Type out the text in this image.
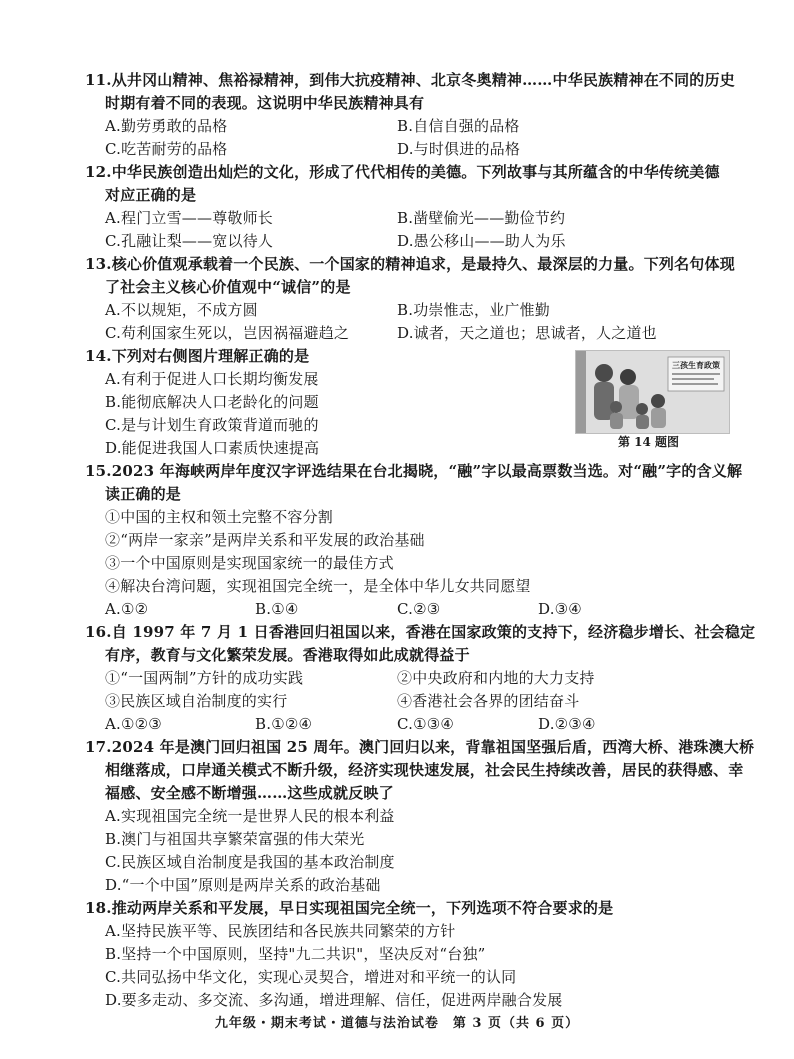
11.从井冈山精神、焦裕禄精神，到伟大抗疫精神、北京冬奥精神……中华民族精神在不同的历史
时期有着不同的表现。这说明中华民族精神具有
A.勤劳勇敢的品格	B.自信自强的品格
C.吃苦耐劳的品格	D.与时俱进的品格
12.中华民族创造出灿烂的文化，形成了代代相传的美德。下列故事与其所蕴含的中华传统美德
对应正确的是
A.程门立雪——尊敬师长	B.凿壁偷光——勤俭节约
C.孔融让梨——宽以待人	D.愚公移山——助人为乐
13.核心价值观承载着一个民族、一个国家的精神追求，是最持久、最深层的力量。下列名句体现
了社会主义核心价值观中“诚信”的是
A.不以规矩，不成方圆	B.功崇惟志，业广惟勤
C.苟利国家生死以，岂因祸福避趋之	D.诚者，天之道也；思诚者，人之道也
14.下列对右侧图片理解正确的是
A.有利于促进人口长期均衡发展
B.能彻底解决人口老龄化的问题
C.是与计划生育政策背道而驰的
D.能促进我国人口素质快速提高
三孩生育政策
第 14 题图
15.2023 年海峡两岸年度汉字评选结果在台北揭晓，“融”字以最高票数当选。对“融”字的含义解
读正确的是
①中国的主权和领土完整不容分割
②“两岸一家亲”是两岸关系和平发展的政治基础
③一个中国原则是实现国家统一的最佳方式
④解决台湾问题，实现祖国完全统一，是全体中华儿女共同愿望
A.①②	B.①④	C.②③	D.③④
16.自 1997 年 7 月 1 日香港回归祖国以来，香港在国家政策的支持下，经济稳步增长、社会稳定
有序，教育与文化繁荣发展。香港取得如此成就得益于
①“一国两制”方针的成功实践	②中央政府和内地的大力支持
③民族区域自治制度的实行	④香港社会各界的团结奋斗
A.①②③	B.①②④	C.①③④	D.②③④
17.2024 年是澳门回归祖国 25 周年。澳门回归以来，背靠祖国坚强后盾，西湾大桥、港珠澳大桥
相继落成，口岸通关模式不断升级，经济实现快速发展，社会民生持续改善，居民的获得感、幸
福感、安全感不断增强……这些成就反映了
A.实现祖国完全统一是世界人民的根本利益
B.澳门与祖国共享繁荣富强的伟大荣光
C.民族区域自治制度是我国的基本政治制度
D.“一个中国”原则是两岸关系的政治基础
18.推动两岸关系和平发展，早日实现祖国完全统一，下列选项不符合要求的是
A.坚持民族平等、民族团结和各民族共同繁荣的方针
B.坚持一个中国原则，坚持"九二共识"，坚决反对“台独”
C.共同弘扬中华文化，实现心灵契合，增进对和平统一的认同
D.要多走动、多交流、多沟通，增进理解、信任，促进两岸融合发展
九年级・期末考试・道德与法治试卷　第 3 页（共 6 页）
